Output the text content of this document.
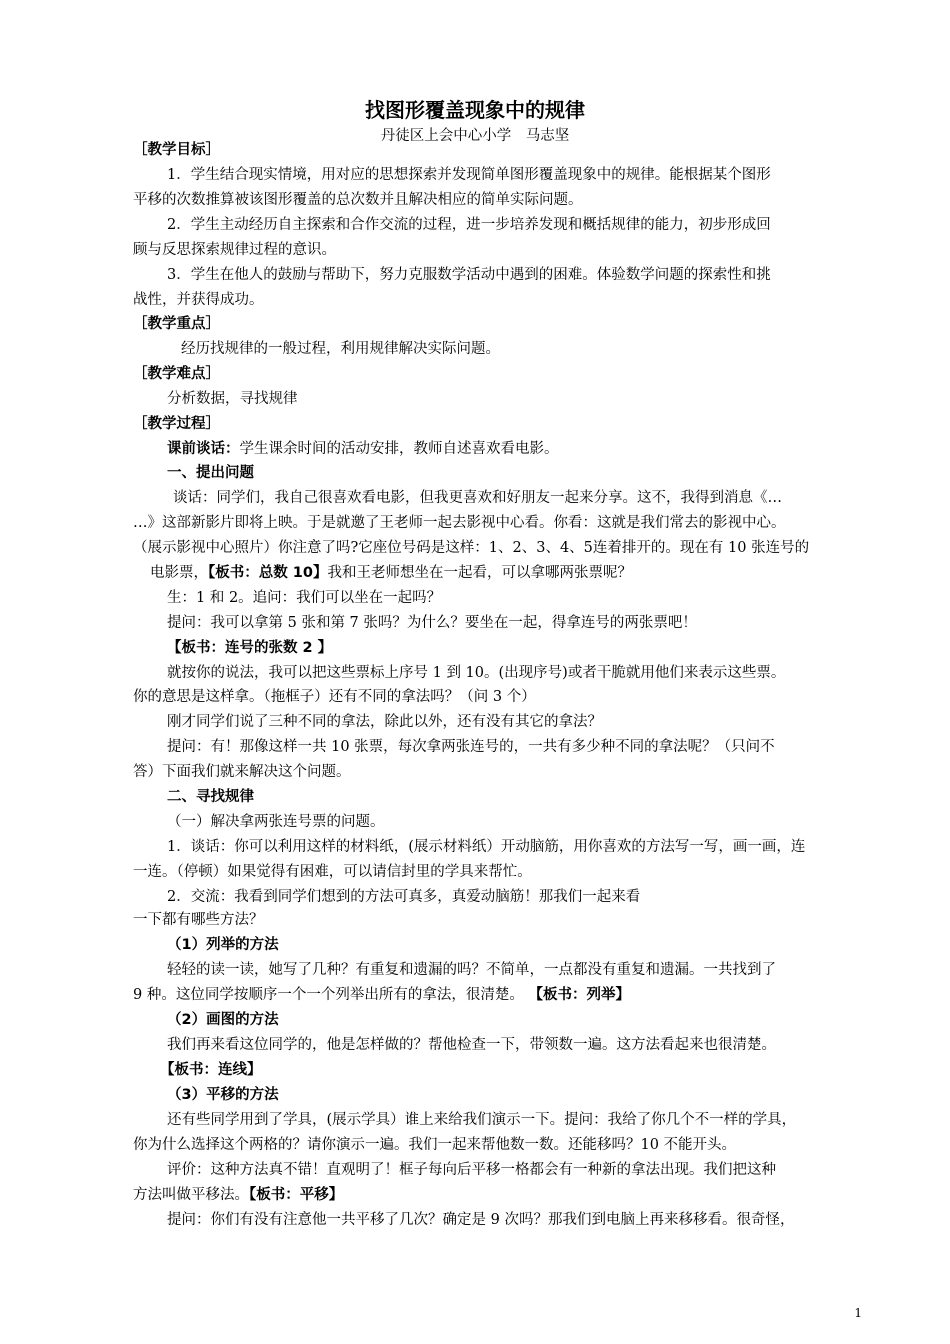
找图形覆盖现象中的规律
丹徒区上会中心小学　马志坚
［教学目标］
1．学生结合现实情境，用对应的思想探索并发现简单图形覆盖现象中的规律。能根据某个图形
平移的次数推算被该图形覆盖的总次数并且解决相应的简单实际问题。
2．学生主动经历自主探索和合作交流的过程，进一步培养发现和概括规律的能力，初步形成回
顾与反思探索规律过程的意识。
3．学生在他人的鼓励与帮助下，努力克服数学活动中遇到的困难。体验数学问题的探索性和挑
战性，并获得成功。
［教学重点］
经历找规律的一般过程，利用规律解决实际问题。
［教学难点］
分析数据，寻找规律
［教学过程］
课前谈话：学生课余时间的活动安排，教师自述喜欢看电影。
一、提出问题
谈话：同学们，我自己很喜欢看电影，但我更喜欢和好朋友一起来分享。这不，我得到消息《…
…》这部新影片即将上映。于是就邀了王老师一起去影视中心看。你看：这就是我们常去的影视中心。
（展示影视中心照片）你注意了吗?它座位号码是这样：1、2、3、4、5连着排开的。现在有 10 张连号的
电影票，【板书：总数 10】我和王老师想坐在一起看，可以拿哪两张票呢？
生：1 和 2。追问：我们可以坐在一起吗？
提问：我可以拿第 5 张和第 7 张吗？为什么？要坐在一起，得拿连号的两张票吧！
【板书：连号的张数 2 】
就按你的说法，我可以把这些票标上序号 1 到 10。(出现序号)或者干脆就用他们来表示这些票。
你的意思是这样拿。（拖框子）还有不同的拿法吗？（问 3 个）
刚才同学们说了三种不同的拿法，除此以外，还有没有其它的拿法？
提问：有！那像这样一共 10 张票，每次拿两张连号的，一共有多少种不同的拿法呢？（只问不
答）下面我们就来解决这个问题。
二、寻找规律
（一）解决拿两张连号票的问题。
1．谈话：你可以利用这样的材料纸，(展示材料纸）开动脑筋，用你喜欢的方法写一写，画一画，连
一连。（停顿）如果觉得有困难，可以请信封里的学具来帮忙。
2．交流：我看到同学们想到的方法可真多，真爱动脑筋！那我们一起来看
一下都有哪些方法？
（1）列举的方法
轻轻的读一读，她写了几种？有重复和遗漏的吗？不简单，一点都没有重复和遗漏。一共找到了
9 种。这位同学按顺序一个一个列举出所有的拿法，很清楚。 【板书：列举】
（2）画图的方法
我们再来看这位同学的，他是怎样做的？帮他检查一下，带领数一遍。这方法看起来也很清楚。
【板书：连线】
（3）平移的方法
还有些同学用到了学具，(展示学具）谁上来给我们演示一下。提问：我给了你几个不一样的学具，
你为什么选择这个两格的？请你演示一遍。我们一起来帮他数一数。还能移吗？10 不能开头。
评价：这种方法真不错！直观明了！框子每向后平移一格都会有一种新的拿法出现。我们把这种
方法叫做平移法。【板书：平移】
提问：你们有没有注意他一共平移了几次？确定是 9 次吗？那我们到电脑上再来移移看。很奇怪，
1
